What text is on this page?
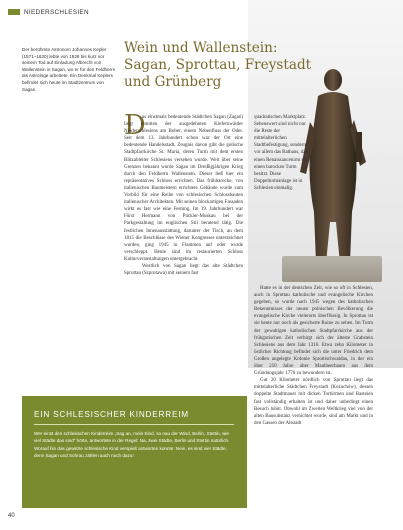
NIEDERSCHLESIEN
Der berühmte Astronom Johannes Kepler (1571–1630) lebte von 1628 bis kurz vor seinem Tod auf Einladung Albrecht von Wallenstein in Sagan, wo er für den Feldherrn als Astrologe arbeitete. Ein Denkmal Keplers befindet sich heute im Stadtzentrum von Sagan.
Wein und Wallenstein: Sagan, Sprottau, Freystadt und Grünberg
D

as einstmals bedeutende Städtchen Sagan (Żagań) liegt inmitten der ausgedehnten Kiefernwälder Niederschlesiens am Bober, einem Nebenfluss der Oder. Seit dem 13. Jahrhundert schon war der Ort eine bedeutende Handelsstadt. Zeugnis davon gibt die gotische Stadtpfarrkirche St. Maria, deren Turm mit dem ersten Blitzableiter Schlesiens versehen wurde. Weit über seine Grenzen bekannt wurde Sagan im Dreißigjährigen Krieg durch den Feldherrn Wallenstein. Dieser ließ hier ein repräsentatives Schloss errichten. Das frühbarocke, von italienischen Baumeistern errichtete Gebäude wurde zum Vorbild für eine Reihe von schlesischen Schlossbauten italienischer Architekten. Mit seinen blockartigen Fassaden wirkt es fast wie eine Festung. Im 19. Jahrhundert war Fürst Hermann von Pückler-Muskau bei der Parkgestaltung im englischen Stil beratend tätig. Die festlichen Innenausstattung, darunter der Tisch, an dem 1815 die Beschlüsse des Wiener Kongresses unterzeichnet wurden, ging 1945 in Flammen auf oder wurde verschleppt. Heute sind im restaurierten Schloss Kulturveranstaltungen untergebracht.

Westlich von Sagan liegt das alte Städtchen Sprottau (Szprotawa) mit seinem fast

quadratischen Marktplatz. Sehenswert sind nicht nur die Reste der mittelalterlichen Stadtbefestigung, sondern vor allem das Rathaus, das einen Renaissanceturm und einen barocken Turm besitzt. Diese Doppelturmanlage ist in Schlesien einmalig.

Hatte es in der deutschen Zeit, wie so oft in Schlesien, auch in Sprottau katholische und evangelische Kirchen gegeben, so wurde nach 1945 wegen des katholischen Bekenntnisses der neuen polnischen Bevölkerung die evangelische Kirche vielerorts überflüssig. In Sprottau ist sie heute nur noch als gesicherte Ruine zu sehen. Im Turm der gewaltigen katholischen Stadtpfarrkirche aus der frühgotischen Zeit verbirgt sich der älteste Grabstein Schlesiens aus dem Jahr 1316. Etwa zehn Kilometer in östlicher Richtung befindet sich die unter Friedrich dem Großen angelegte Kolonie Sprottischwaldau, in der ein über 250 Jahre alter Maulbeerbaum aus dem Gründungsjahr 1776 zu bewundern ist.

Gut 20 Kilometer nördlich von Sprottau liegt das mittelalterliche Städtchen Freystadt (Kożuchów), dessen doppelte Stadtmauer mit dicken Tortürmen und Basteien fast vollständig erhalten ist und daher unbedingt einen Besuch lohnt. Obwohl im Zweiten Weltkrieg viel von der alten Bausubstanz vernichtet wurde, sind am Markt und in den Gassen der Altstadt

EIN SCHLESISCHER KINDERREIM
Wer einst den schlesischen Kinderreim „Sag an, mein Kind, so nau der Wind, Berlin, Stettin, wie viel Städte das sind“ hörte, antwortete in der Regel: Na, zwei Städte, Berlin und Stettin natürlich. Worauf hin das gewitzte schlesische Kind verspielt antworten konnte: Nein, es sind vier Städte, denn Sagan und Sohrau zählen auch noch dazu!
40
